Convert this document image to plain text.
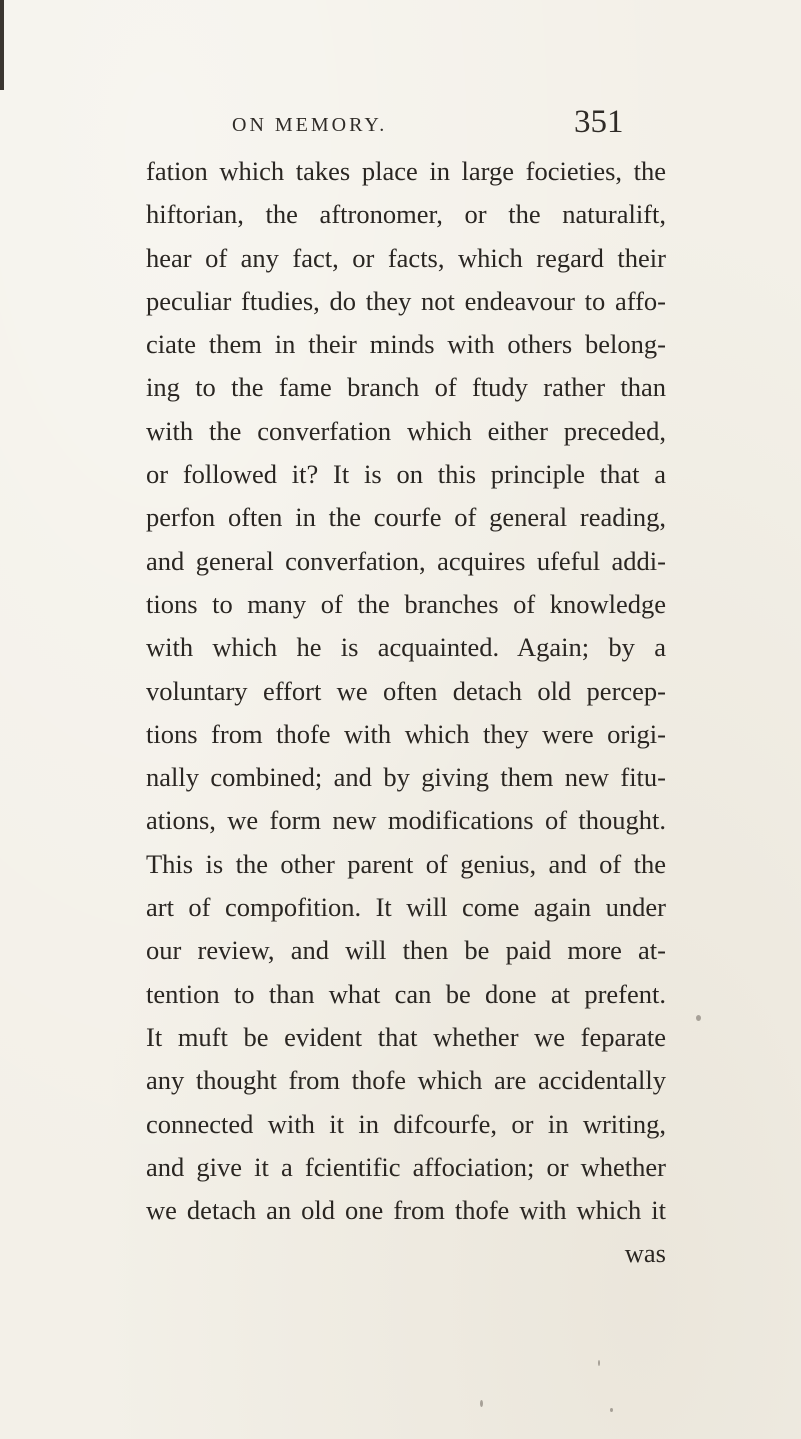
ON MEMORY.	351
fation which takes place in large focieties, the
hiftorian, the aftronomer, or the naturalift,
hear of any fact, or facts, which regard their
peculiar ftudies, do they not endeavour to affo-
ciate them in their minds with others belong-
ing to the fame branch of ftudy rather than
with the converfation which either preceded,
or followed it? It is on this principle that a
perfon often in the courfe of general reading,
and general converfation, acquires ufeful addi-
tions to many of the branches of knowledge
with which he is acquainted. Again; by a
voluntary effort we often detach old percep-
tions from thofe with which they were origi-
nally combined; and by giving them new fitu-
ations, we form new modifications of thought.
This is the other parent of genius, and of the
art of compofition. It will come again under
our review, and will then be paid more at-
tention to than what can be done at prefent.
It muft be evident that whether we feparate
any thought from thofe which are accidentally
connected with it in difcourfe, or in writing,
and give it a fcientific affociation; or whether
we detach an old one from thofe with which it
was
